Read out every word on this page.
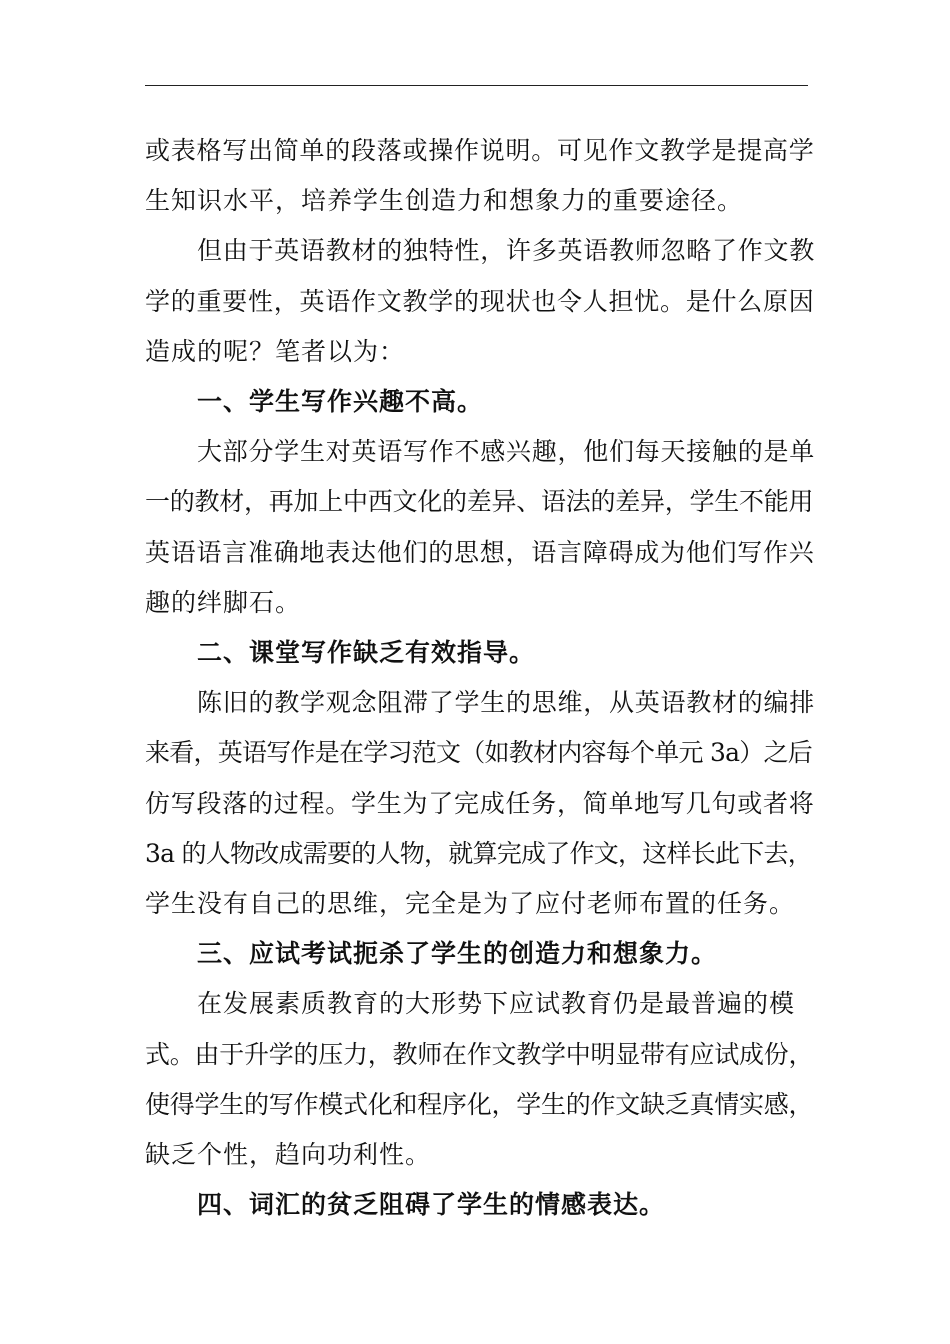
或表格写出简单的段落或操作说明。可见作文教学是提高学
生知识水平，培养学生创造力和想象力的重要途径。

但由于英语教材的独特性，许多英语教师忽略了作文教
学的重要性，英语作文教学的现状也令人担忧。是什么原因
造成的呢？笔者以为：

一、学生写作兴趣不高。

大部分学生对英语写作不感兴趣，他们每天接触的是单
一的教材，再加上中西文化的差异、语法的差异，学生不能用
英语语言准确地表达他们的思想，语言障碍成为他们写作兴
趣的绊脚石。

二、课堂写作缺乏有效指导。

陈旧的教学观念阻滞了学生的思维，从英语教材的编排
来看，英语写作是在学习范文（如教材内容每个单元 3a）之后
仿写段落的过程。学生为了完成任务，简单地写几句或者将
3a 的人物改成需要的人物，就算完成了作文，这样长此下去，
学生没有自己的思维，完全是为了应付老师布置的任务。

三、应试考试扼杀了学生的创造力和想象力。

在发展素质教育的大形势下应试教育仍是最普遍的模
式。由于升学的压力，教师在作文教学中明显带有应试成份，
使得学生的写作模式化和程序化，学生的作文缺乏真情实感，
缺乏个性，趋向功利性。

四、词汇的贫乏阻碍了学生的情感表达。
